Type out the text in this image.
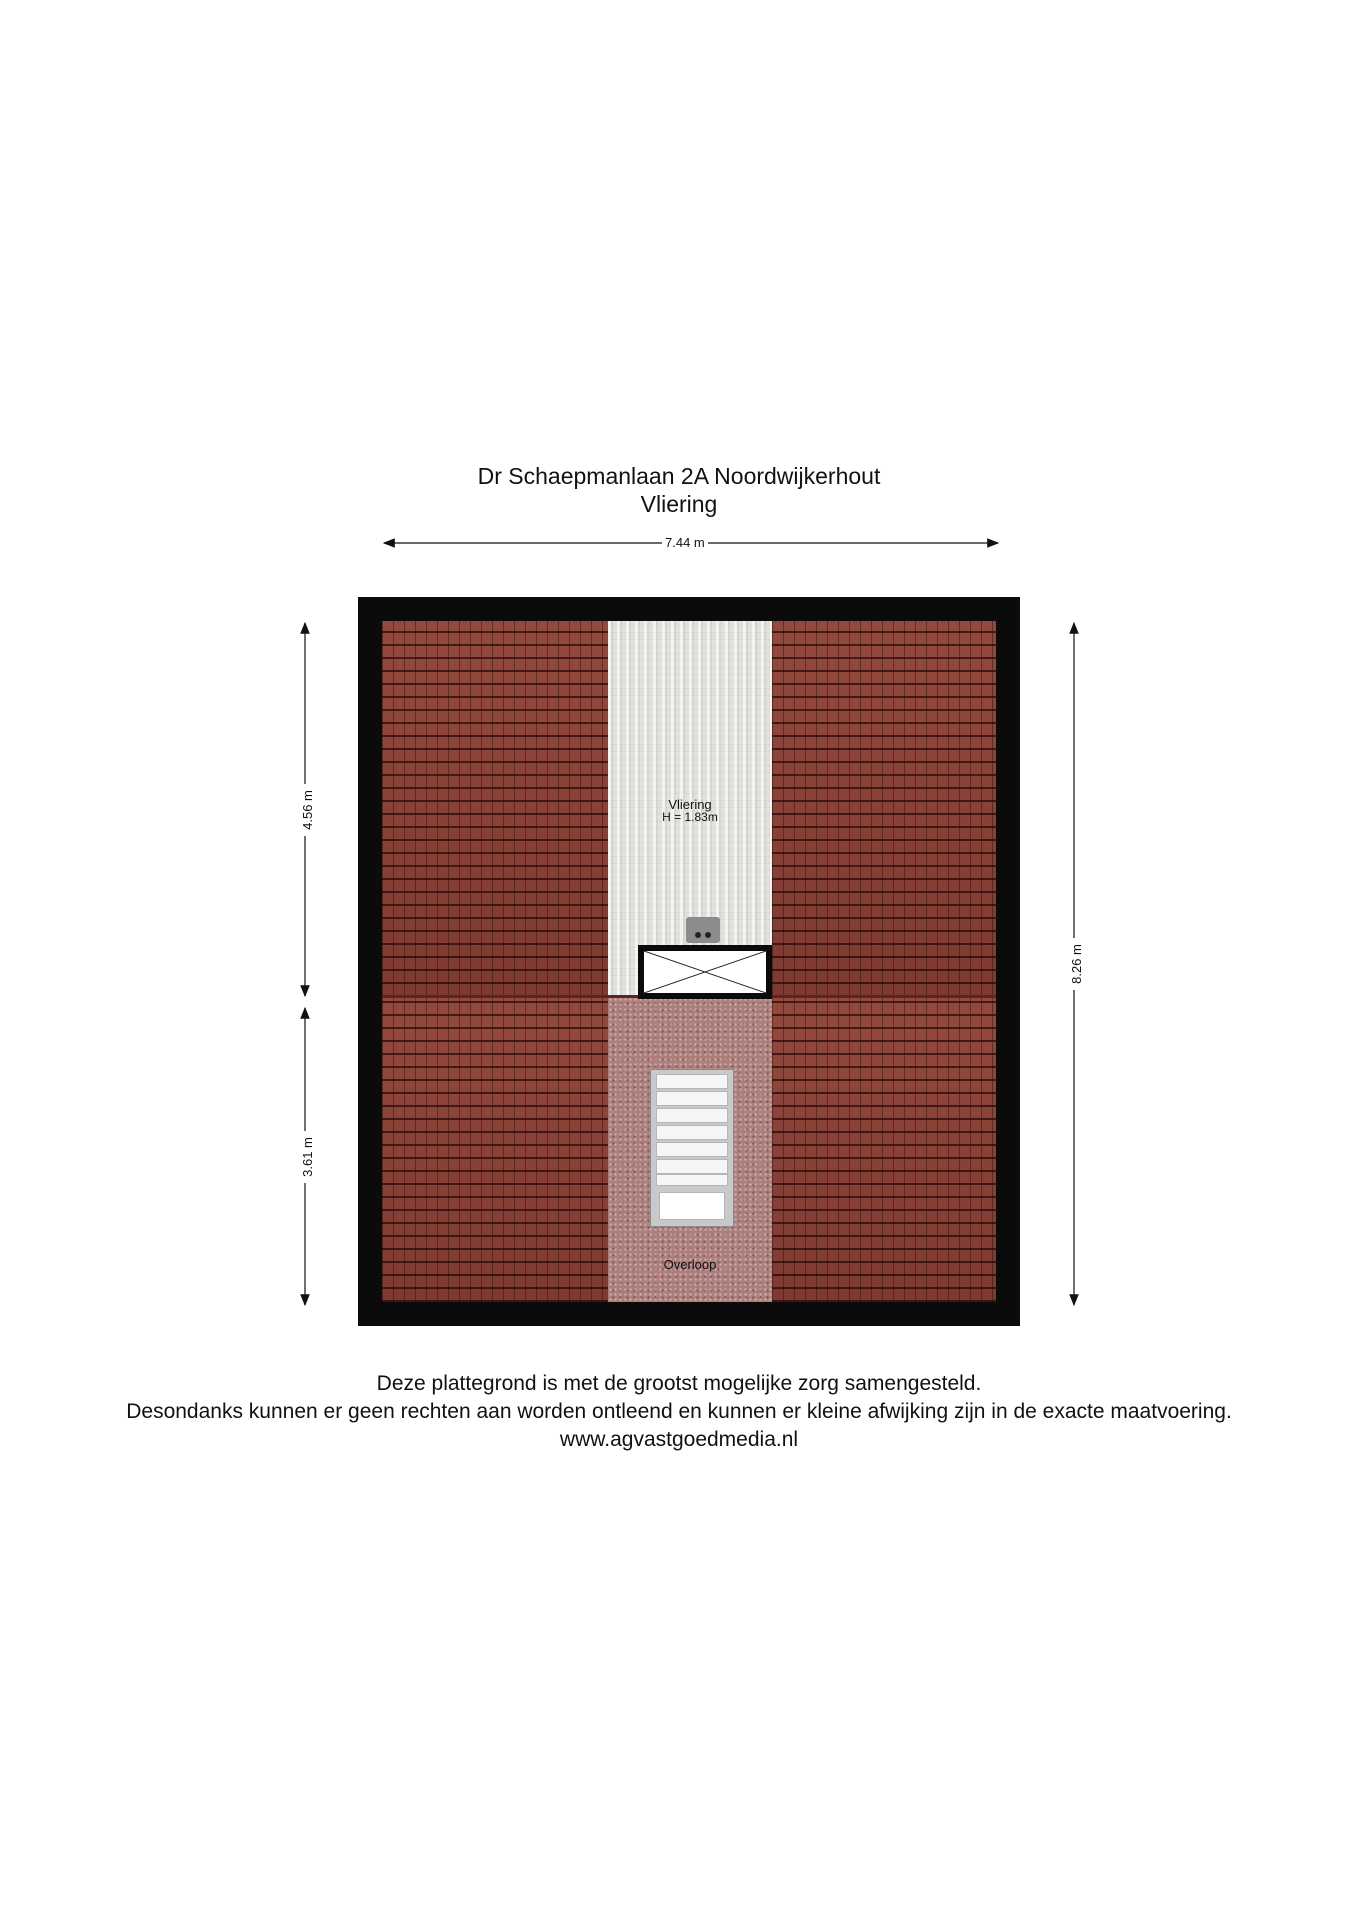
Dr Schaepmanlaan 2A Noordwijkerhout
Vliering
7.44 m
4.56 m
3.61 m
8.26 m
Vliering
H = 1.83m
Overloop
Deze plattegrond is met de grootst mogelijke zorg samengesteld.
Desondanks kunnen er geen rechten aan worden ontleend en kunnen er kleine afwijking zijn in de exacte maatvoering.
www.agvastgoedmedia.nl
